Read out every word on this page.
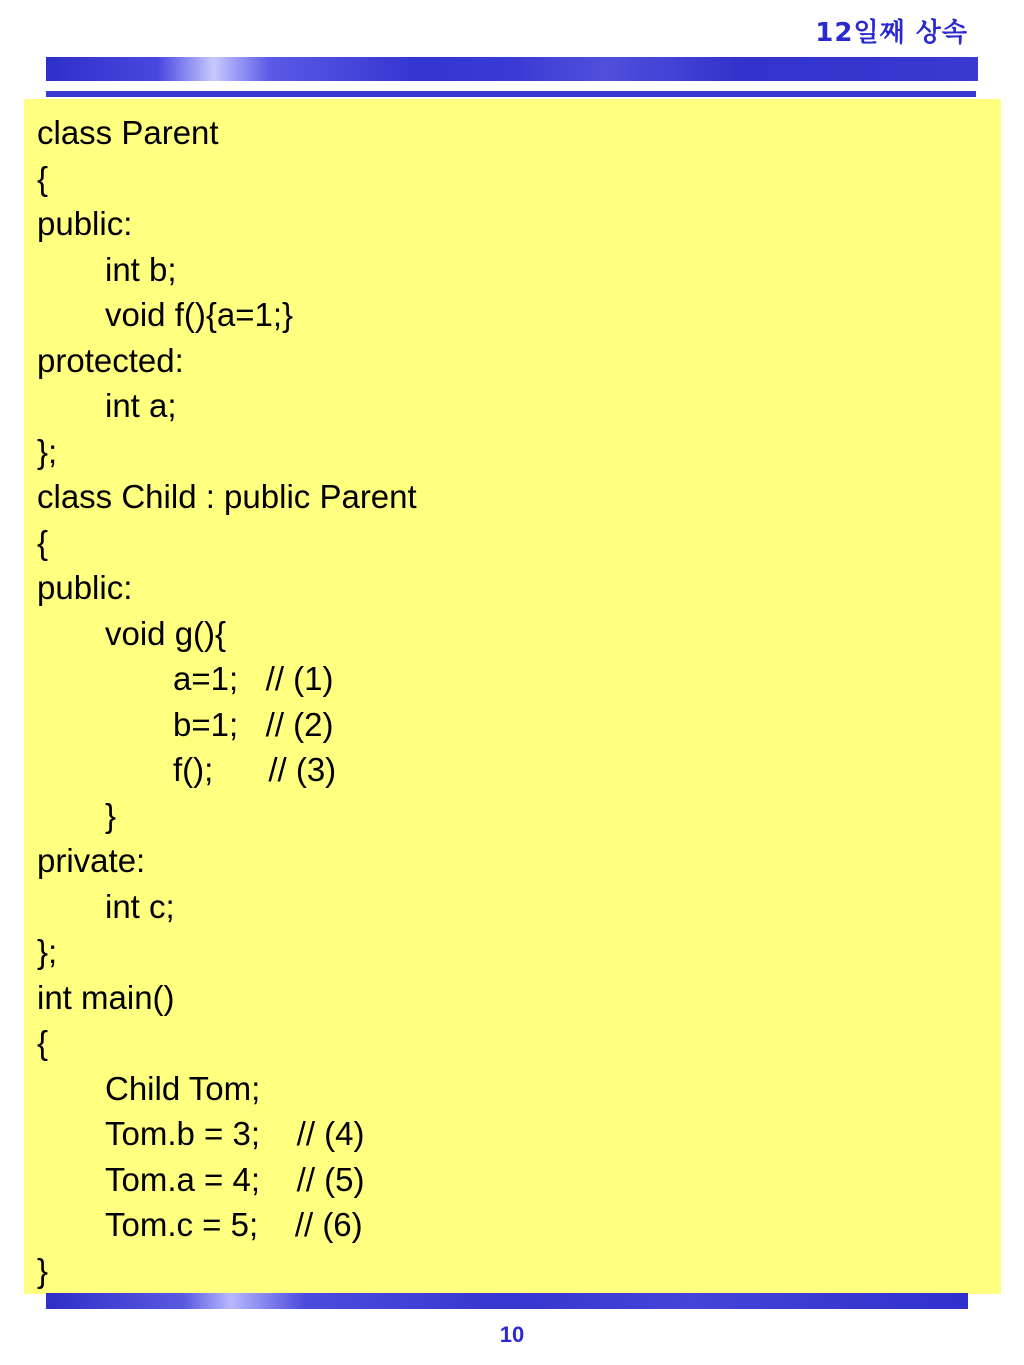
12일째 상속
class Parent
{
public:
int b;
void f(){a=1;}
protected:
int a;
};
class Child : public Parent
{
public:
void g(){
a=1;   // (1)
b=1;   // (2)
f();      // (3)
}
private:
int c;
};
int main()
{
Child Tom;
Tom.b = 3;    // (4)
Tom.a = 4;    // (5)
Tom.c = 5;    // (6)
}
10
